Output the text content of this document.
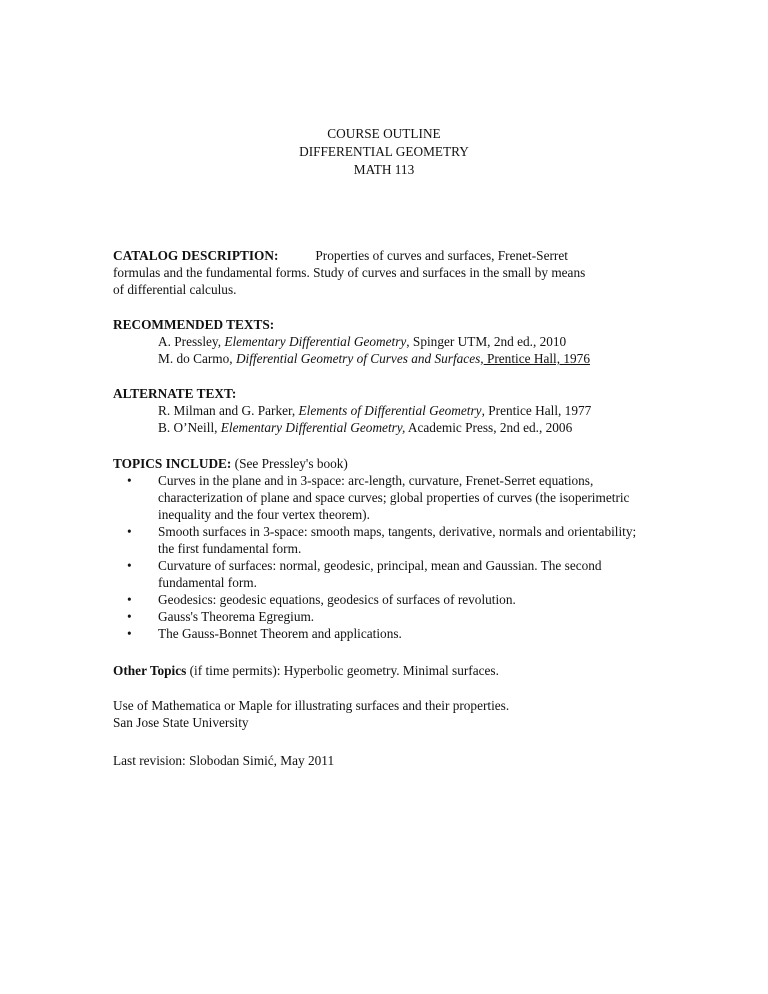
COURSE OUTLINE
DIFFERENTIAL GEOMETRY
MATH 113
CATALOG DESCRIPTION:	Properties of curves and surfaces, Frenet-Serret
formulas and the fundamental forms. Study of curves and surfaces in the small by means
of differential calculus.
RECOMMENDED TEXTS:
A. Pressley, Elementary Differential Geometry, Spinger UTM, 2nd ed., 2010
M. do Carmo, Differential Geometry of Curves and Surfaces, Prentice Hall, 1976
ALTERNATE TEXT:
R. Milman and G. Parker, Elements of Differential Geometry, Prentice Hall, 1977
B. O’Neill, Elementary Differential Geometry, Academic Press, 2nd ed., 2006
TOPICS INCLUDE: (See Pressley's book)
• Curves in the plane and in 3-space: arc-length, curvature, Frenet-Serret equations, characterization of plane and space curves; global properties of curves (the isoperimetric inequality and the four vertex theorem).
• Smooth surfaces in 3-space: smooth maps, tangents, derivative, normals and orientability; the first fundamental form.
• Curvature of surfaces: normal, geodesic, principal, mean and Gaussian. The second fundamental form.
• Geodesics: geodesic equations, geodesics of surfaces of revolution.
• Gauss's Theorema Egregium.
• The Gauss-Bonnet Theorem and applications.
Other Topics (if time permits): Hyperbolic geometry. Minimal surfaces.
Use of Mathematica or Maple for illustrating surfaces and their properties.
San Jose State University
Last revision: Slobodan Simić, May 2011
